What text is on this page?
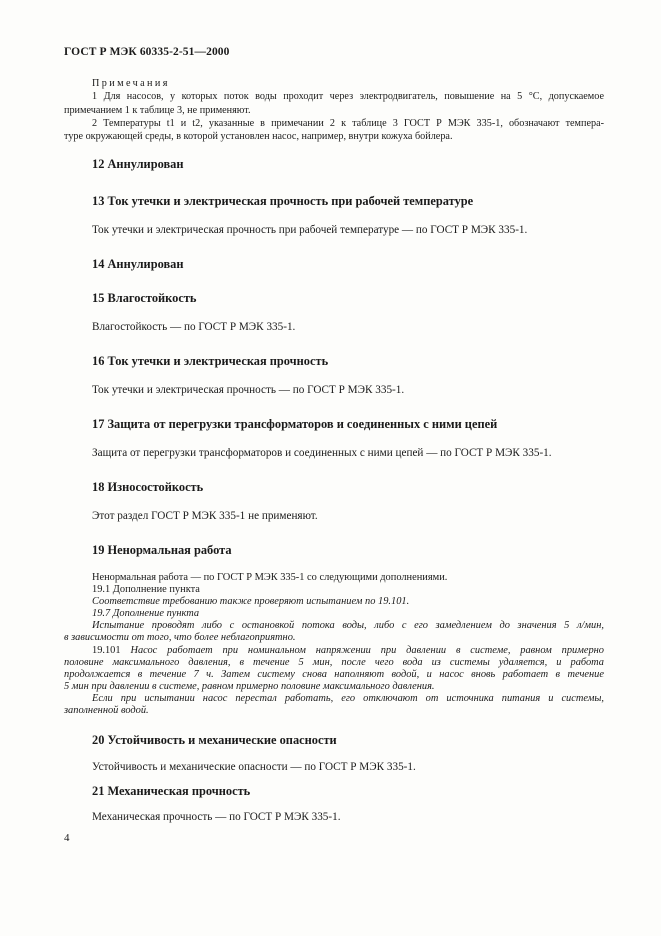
ГОСТ Р МЭК 60335-2-51—2000

Примечания

1 Для насосов, у которых поток воды проходит через электродвигатель, повышение на 5 °С, допускаемое

примечанием 1 к таблице 3, не применяют.

2 Температуры t1 и t2, указанные в примечании 2 к таблице 3 ГОСТ Р МЭК 335-1, обозначают темпера-

туре окружающей среды, в которой установлен насос, например, внутри кожуха бойлера.

12 Аннулирован
13 Ток утечки и электрическая прочность при рабочей температуре
Ток утечки и электрическая прочность при рабочей температуре — по ГОСТ Р МЭК 335-1.
14 Аннулирован
15 Влагостойкость
Влагостойкость — по ГОСТ Р МЭК 335-1.
16 Ток утечки и электрическая прочность
Ток утечки и электрическая прочность — по ГОСТ Р МЭК 335-1.
17 Защита от перегрузки трансформаторов и соединенных с ними цепей
Защита от перегрузки трансформаторов и соединенных с ними цепей — по ГОСТ Р МЭК 335-1.
18 Износостойкость
Этот раздел ГОСТ Р МЭК 335-1 не применяют.
19 Ненормальная работа

Ненормальная работа — по ГОСТ Р МЭК 335-1 со следующими дополнениями.

19.1 Дополнение пункта

Соответствие требованию также проверяют испытанием по 19.101.

19.7 Дополнение пункта

Испытание проводят либо с остановкой потока воды, либо с его замедлением до значения 5 л/мин,

в зависимости от того, что более неблагоприятно.

19.101 Насос работает при номинальном напряжении при давлении в системе, равном примерно

половине максимального давления, в течение 5 мин, после чего вода из системы удаляется, и работа

продолжается в течение 7 ч. Затем систему снова наполняют водой, и насос вновь работает в течение

5 мин при давлении в системе, равном примерно половине максимального давления.

Если при испытании насос перестал работать, его отключают от источника питания и системы,

заполненной водой.

20 Устойчивость и механические опасности
Устойчивость и механические опасности — по ГОСТ Р МЭК 335-1.
21 Механическая прочность
Механическая прочность — по ГОСТ Р МЭК 335-1.
4
